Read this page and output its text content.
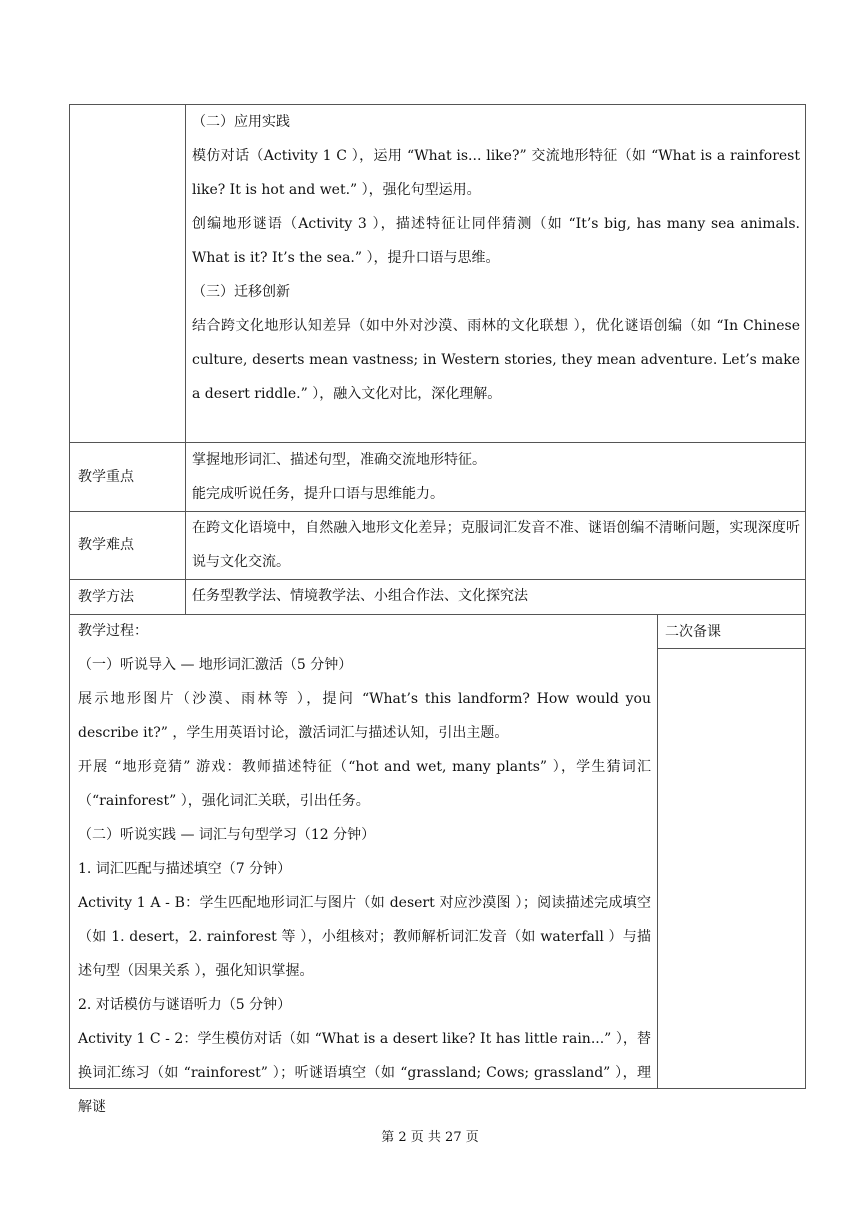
（二）应用实践
模仿对话（Activity 1 C ），运用 “What is... like?” 交流地形特征（如 “What is a rainforest like? It is hot and wet.” ），强化句型运用。
创编地形谜语（Activity 3 ），描述特征让同伴猜测（如 “It’s big, has many sea animals. What is it? It’s the sea.” ），提升口语与思维。
（三）迁移创新
结合跨文化地形认知差异（如中外对沙漠、雨林的文化联想 ），优化谜语创编（如 “In Chinese culture, deserts mean vastness; in Western stories, they mean adventure. Let’s make a desert riddle.” ），融入文化对比，深化理解。
教学重点
掌握地形词汇、描述句型，准确交流地形特征。
能完成听说任务，提升口语与思维能力。
教学难点
在跨文化语境中，自然融入地形文化差异；克服词汇发音不准、谜语创编不清晰问题，实现深度听说与文化交流。
教学方法	任务型教学法、情境教学法、小组合作法、文化探究法
二次备课
教学过程：
（一）听说导入 — 地形词汇激活（5 分钟）
展示地形图片（沙漠、雨林等 ），提问 “What’s this landform? How would you describe it?” ，学生用英语讨论，激活词汇与描述认知，引出主题。
开展 “地形竞猜” 游戏：教师描述特征（“hot and wet, many plants” ），学生猜词汇（“rainforest” ），强化词汇关联，引出任务。
（二）听说实践 — 词汇与句型学习（12 分钟）
1. 词汇匹配与描述填空（7 分钟）
Activity 1 A - B：学生匹配地形词汇与图片（如 desert 对应沙漠图 ）；阅读描述完成填空（如 1. desert，2. rainforest 等 ），小组核对；教师解析词汇发音（如 waterfall ）与描述句型（因果关系 ），强化知识掌握。
2. 对话模仿与谜语听力（5 分钟）
Activity 1 C - 2：学生模仿对话（如 “What is a desert like? It has little rain...” ），替换词汇练习（如 “rainforest” ）；听谜语填空（如 “grassland; Cows; grassland” ），理解谜
第 2 页 共 27 页
